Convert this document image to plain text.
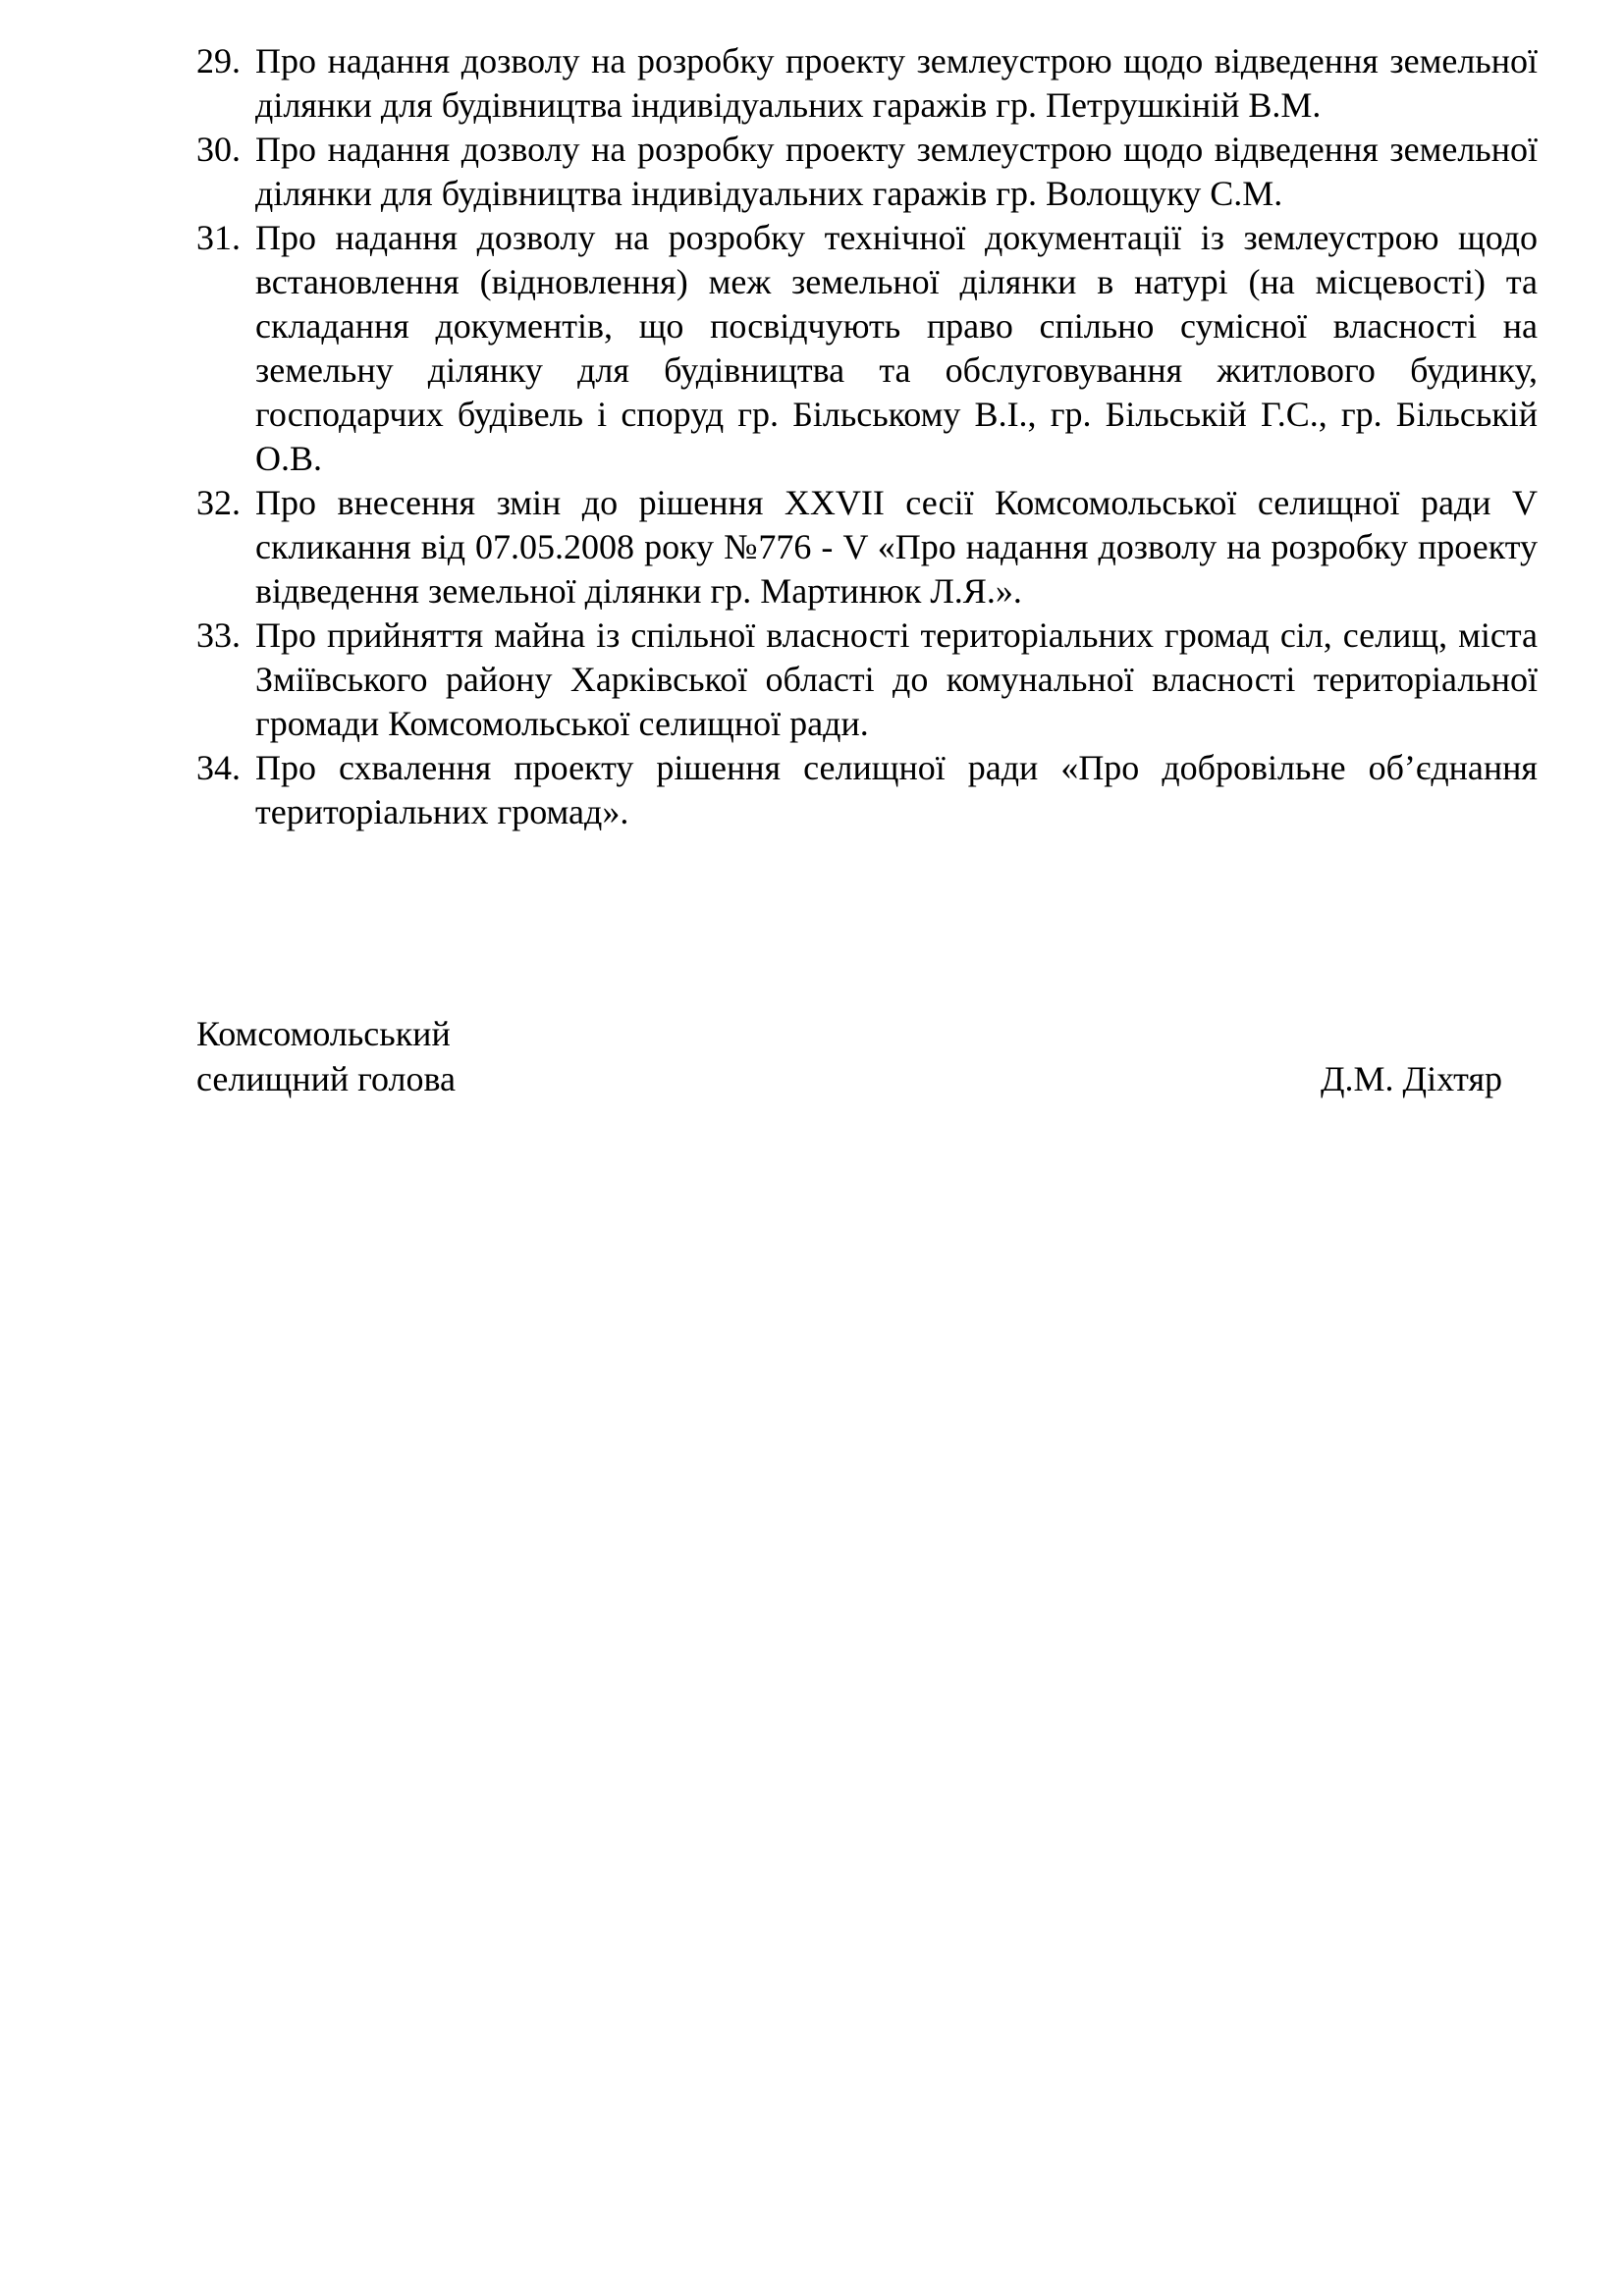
29. Про надання дозволу на розробку проекту землеустрою щодо відведення земельної ділянки для будівництва індивідуальних гаражів гр. Петрушкіній В.М.
30. Про надання дозволу на розробку проекту землеустрою щодо відведення земельної ділянки для будівництва індивідуальних гаражів гр. Волощуку С.М.
31. Про надання дозволу на розробку технічної документації із землеустрою щодо встановлення (відновлення) меж земельної ділянки в натурі (на місцевості) та складання документів, що посвідчують право спільно сумісної власності на земельну ділянку для будівництва та обслуговування житлового будинку, господарчих будівель і споруд гр. Більському В.І., гр. Більській Г.С., гр. Більській О.В.
32. Про внесення змін до рішення XXVII сесії Комсомольської селищної ради V скликання від 07.05.2008 року №776 - V «Про надання дозволу на розробку проекту відведення земельної ділянки гр. Мартинюк Л.Я.».
33. Про прийняття майна із спільної власності територіальних громад сіл, селищ, міста Зміївського району Харківської області до комунальної власності територіальної громади Комсомольської селищної ради.
34. Про схвалення проекту рішення селищної ради «Про добровільне об’єднання територіальних громад».
Комсомольський
селищний голова	Д.М. Діхтяр
